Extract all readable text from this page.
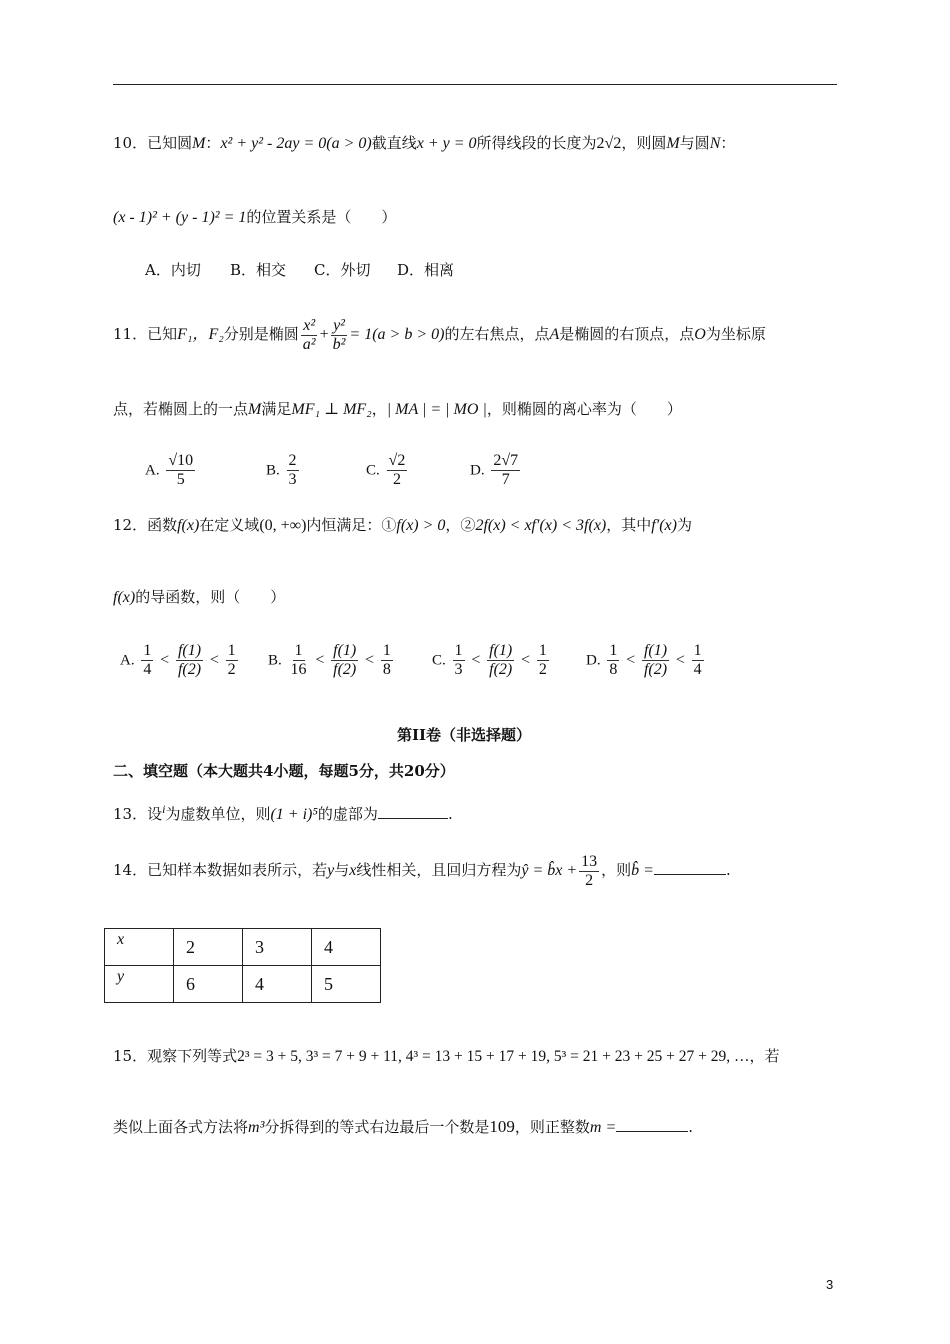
10．已知圆M：x² + y² - 2ay = 0(a > 0)截直线x + y = 0所得线段的长度为2√2，则圆M与圆N：
(x - 1)² + (y - 1)² = 1的位置关系是（　　）
A．内切 B．相交 C．外切 D．相离
11．已知F₁，F₂分别是椭圆 $\frac{\text{x²}}{\text{a²}} + \frac{\text{y²}}{\text{b²}} = 1(a > b > 0)$的左右焦点，点A是椭圆的右顶点，点O为坐标原
点，若椭圆上的一点M满足MF₁ ⊥ MF₂，| MA | = | MO |，则椭圆的离心率为（　　）
A. $\frac{√10}{5}$	B. $\frac{2}{3}$	C. $\frac{√2}{2}$	D. $\frac{2√7}{7}$
12．函数f(x)在定义域(0, +∞)内恒满足：①f(x) > 0，②2f(x) < xf′(x) < 3f(x)，其中f′(x)为
f(x)的导函数，则（　　）
A. $\frac{1}{4} < \frac{f(1)}{f(2)} < \frac{1}{2} B$. $\frac{1}{16} < \frac{f(1)}{f(2)} < \frac{1}{8}$	C. $\frac{1}{3} < \frac{f(1)}{f(2)} < \frac{1}{2} D$. $\frac{1}{8} < \frac{f(1)}{f(2)} < \frac{1}{4}$
第II卷（非选择题）
二、填空题（本大题共4小题，每题5分，共20分）
13．设$^i$为虚数单位，则(1 + i)⁵的虚部为	.
14．已知样本数据如表所示，若y与x线性相关，且回归方程为ŷ = b̂x + $\frac{13}{2}$ ，则b̂ =	.
x	2	3	4
y	6	4	5
15．观察下列等式2³ = 3 + 5, 3³ = 7 + 9 + 11, 4³ = 13 + 15 + 17 + 19, 5³ = 21 + 23 + 25 + 27 + 29, …，若
类似上面各式方法将m³分拆得到的等式右边最后一个数是109，则正整数m =	.
3
